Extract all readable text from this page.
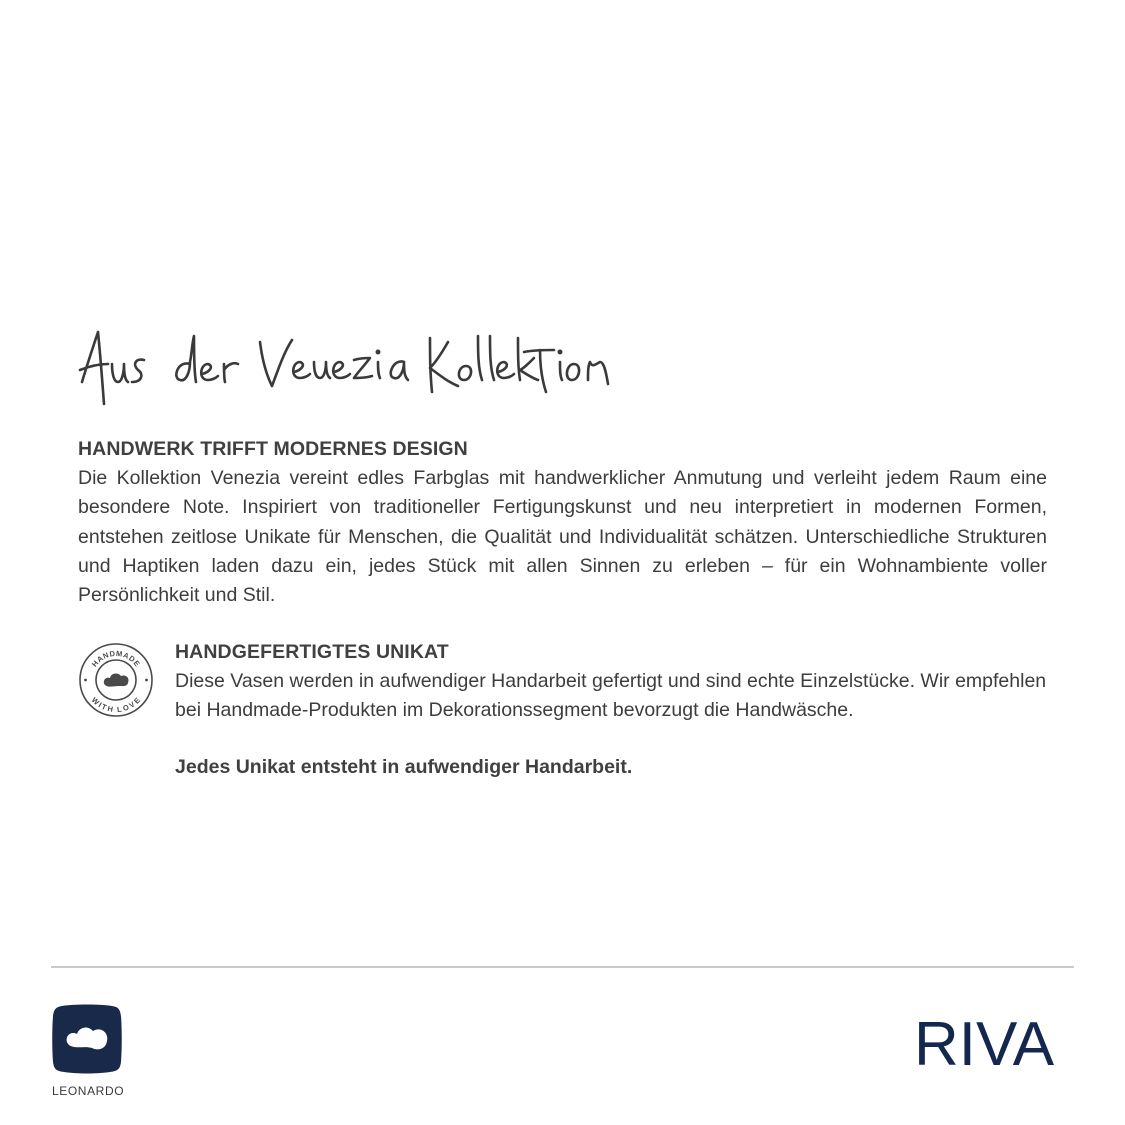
HANDWERK TRIFFT MODERNES DESIGN

Die Kollektion Venezia vereint edles Farbglas mit handwerklicher Anmutung und verleiht jedem Raum eine besondere Note. Inspiriert von traditioneller Fertigungskunst und neu interpretiert in modernen Formen, entstehen zeitlose Unikate für Menschen, die Qualität und Individualität schätzen. Unterschiedliche Strukturen und Haptiken laden dazu ein, jedes Stück mit allen Sinnen zu erleben – für ein Wohnambiente voller Persönlichkeit und Stil.

HANDMADE
WITH LOVE

HANDGEFERTIGTES UNIKAT

Diese Vasen werden in aufwendiger Handarbeit gefertigt und sind echte Einzelstücke. Wir empfehlen bei Handmade-Produkten im Dekorationssegment bevorzugt die Handwäsche.

Jedes Unikat entsteht in aufwendiger Handarbeit.

LEONARDO
RIVA
